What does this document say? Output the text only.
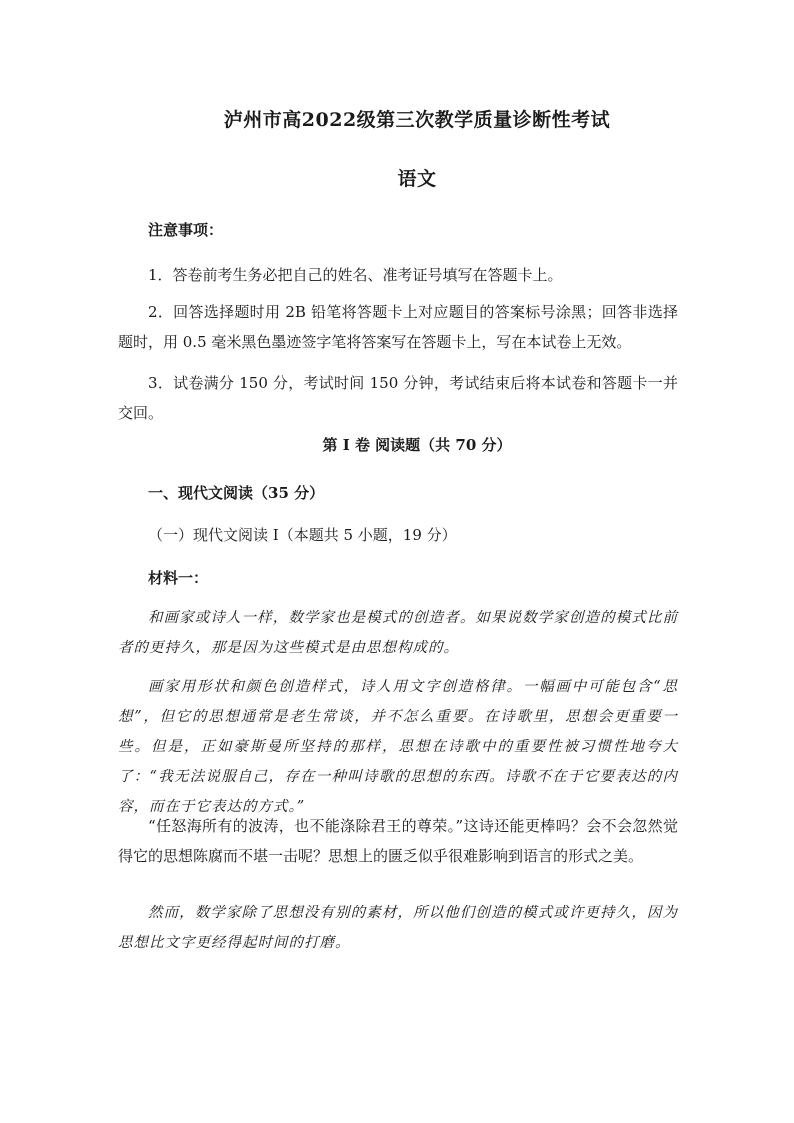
泸州市高2022级第三次教学质量诊断性考试
语文
注意事项：
1．答卷前考生务必把自己的姓名、准考证号填写在答题卡上。
2．回答选择题时用 2B 铅笔将答题卡上对应题目的答案标号涂黑；回答非选择题时，用 0.5 毫米黑色墨迹签字笔将答案写在答题卡上，写在本试卷上无效。
3．试卷满分 150 分，考试时间 150 分钟，考试结束后将本试卷和答题卡一并交回。
第 I 卷 阅读题（共 70 分）
一、现代文阅读（35 分）
（一）现代文阅读 I（本题共 5 小题，19 分）
材料一：
和画家或诗人一样，数学家也是模式的创造者。如果说数学家创造的模式比前者的更持久，那是因为这些模式是由思想构成的。
画家用形状和颜色创造样式，诗人用文字创造格律。一幅画中可能包含“思想”，但它的思想通常是老生常谈，并不怎么重要。在诗歌里，思想会更重要一些。但是，正如豪斯曼所坚持的那样，思想在诗歌中的重要性被习惯性地夸大了：“我无法说服自己，存在一种叫诗歌的思想的东西。诗歌不在于它要表达的内容，而在于它表达的方式。”
“任怒海所有的波涛，也不能涤除君王的尊荣。”这诗还能更棒吗？会不会忽然觉得它的思想陈腐而不堪一击呢？思想上的匮乏似乎很难影响到语言的形式之美。
然而，数学家除了思想没有别的素材，所以他们创造的模式或许更持久，因为思想比文字更经得起时间的打磨。
